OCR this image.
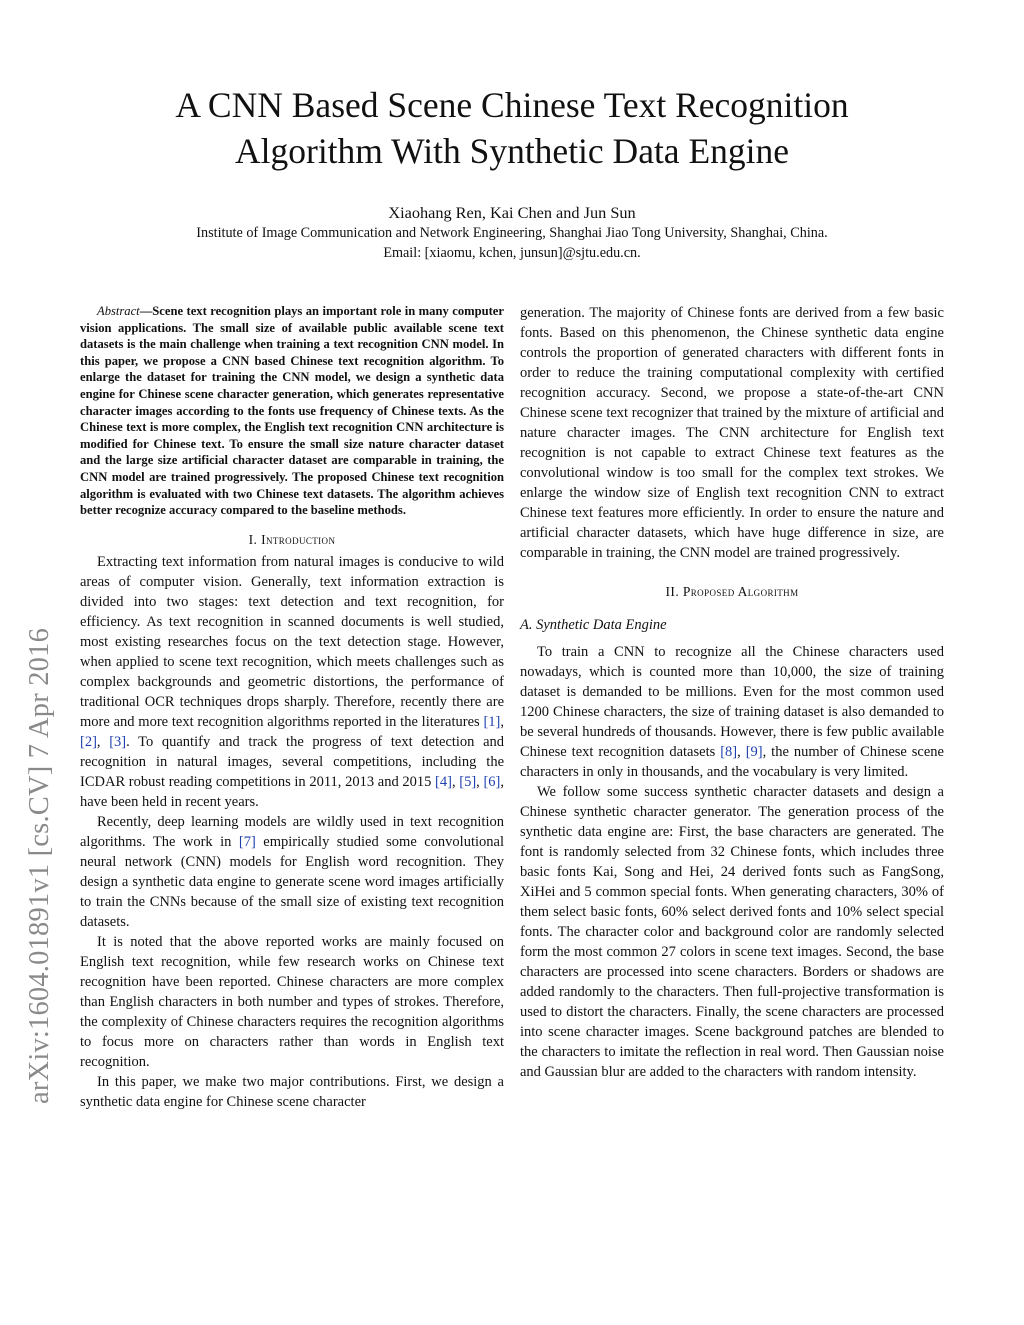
arXiv:1604.01891v1 [cs.CV] 7 Apr 2016
A CNN Based Scene Chinese Text Recognition
Algorithm With Synthetic Data Engine
Xiaohang Ren, Kai Chen and Jun Sun
Institute of Image Communication and Network Engineering, Shanghai Jiao Tong University, Shanghai, China.
Email: [xiaomu, kchen, junsun]@sjtu.edu.cn.

Abstract—Scene text recognition plays an important role in many computer vision applications. The small size of available public available scene text datasets is the main challenge when training a text recognition CNN model. In this paper, we propose a CNN based Chinese text recognition algorithm. To enlarge the dataset for training the CNN model, we design a synthetic data engine for Chinese scene character generation, which generates representative character images according to the fonts use frequency of Chinese texts. As the Chinese text is more complex, the English text recognition CNN architecture is modified for Chinese text. To ensure the small size nature character dataset and the large size artificial character dataset are comparable in training, the CNN model are trained progressively. The proposed Chinese text recognition algorithm is evaluated with two Chinese text datasets. The algorithm achieves better recognize accuracy compared to the baseline methods.

I. Introduction

Extracting text information from natural images is conducive to wild areas of computer vision. Generally, text information extraction is divided into two stages: text detection and text recognition, for efficiency. As text recognition in scanned documents is well studied, most existing researches focus on the text detection stage. However, when applied to scene text recognition, which meets challenges such as complex backgrounds and geometric distortions, the performance of traditional OCR techniques drops sharply. Therefore, recently there are more and more text recognition algorithms reported in the literatures [1], [2], [3]. To quantify and track the progress of text detection and recognition in natural images, several competitions, including the ICDAR robust reading competitions in 2011, 2013 and 2015 [4], [5], [6], have been held in recent years.

Recently, deep learning models are wildly used in text recognition algorithms. The work in [7] empirically studied some convolutional neural network (CNN) models for English word recognition. They design a synthetic data engine to generate scene word images artificially to train the CNNs because of the small size of existing text recognition datasets.

It is noted that the above reported works are mainly focused on English text recognition, while few research works on Chinese text recognition have been reported. Chinese characters are more complex than English characters in both number and types of strokes. Therefore, the complexity of Chinese characters requires the recognition algorithms to focus more on characters rather than words in English text recognition.

In this paper, we make two major contributions. First, we design a synthetic data engine for Chinese scene character

generation. The majority of Chinese fonts are derived from a few basic fonts. Based on this phenomenon, the Chinese synthetic data engine controls the proportion of generated characters with different fonts in order to reduce the training computational complexity with certified recognition accuracy. Second, we propose a state-of-the-art CNN Chinese scene text recognizer that trained by the mixture of artificial and nature character images. The CNN architecture for English text recognition is not capable to extract Chinese text features as the convolutional window is too small for the complex text strokes. We enlarge the window size of English text recognition CNN to extract Chinese text features more efficiently. In order to ensure the nature and artificial character datasets, which have huge difference in size, are comparable in training, the CNN model are trained progressively.

II. Proposed Algorithm
A. Synthetic Data Engine

To train a CNN to recognize all the Chinese characters used nowadays, which is counted more than 10,000, the size of training dataset is demanded to be millions. Even for the most common used 1200 Chinese characters, the size of training dataset is also demanded to be several hundreds of thousands. However, there is few public available Chinese text recognition datasets [8], [9], the number of Chinese scene characters in only in thousands, and the vocabulary is very limited.

We follow some success synthetic character datasets and design a Chinese synthetic character generator. The generation process of the synthetic data engine are: First, the base characters are generated. The font is randomly selected from 32 Chinese fonts, which includes three basic fonts Kai, Song and Hei, 24 derived fonts such as FangSong, XiHei and 5 common special fonts. When generating characters, 30% of them select basic fonts, 60% select derived fonts and 10% select special fonts. The character color and background color are randomly selected form the most common 27 colors in scene text images. Second, the base characters are processed into scene characters. Borders or shadows are added randomly to the characters. Then full-projective transformation is used to distort the characters. Finally, the scene characters are processed into scene character images. Scene background patches are blended to the characters to imitate the reflection in real word. Then Gaussian noise and Gaussian blur are added to the characters with random intensity.
